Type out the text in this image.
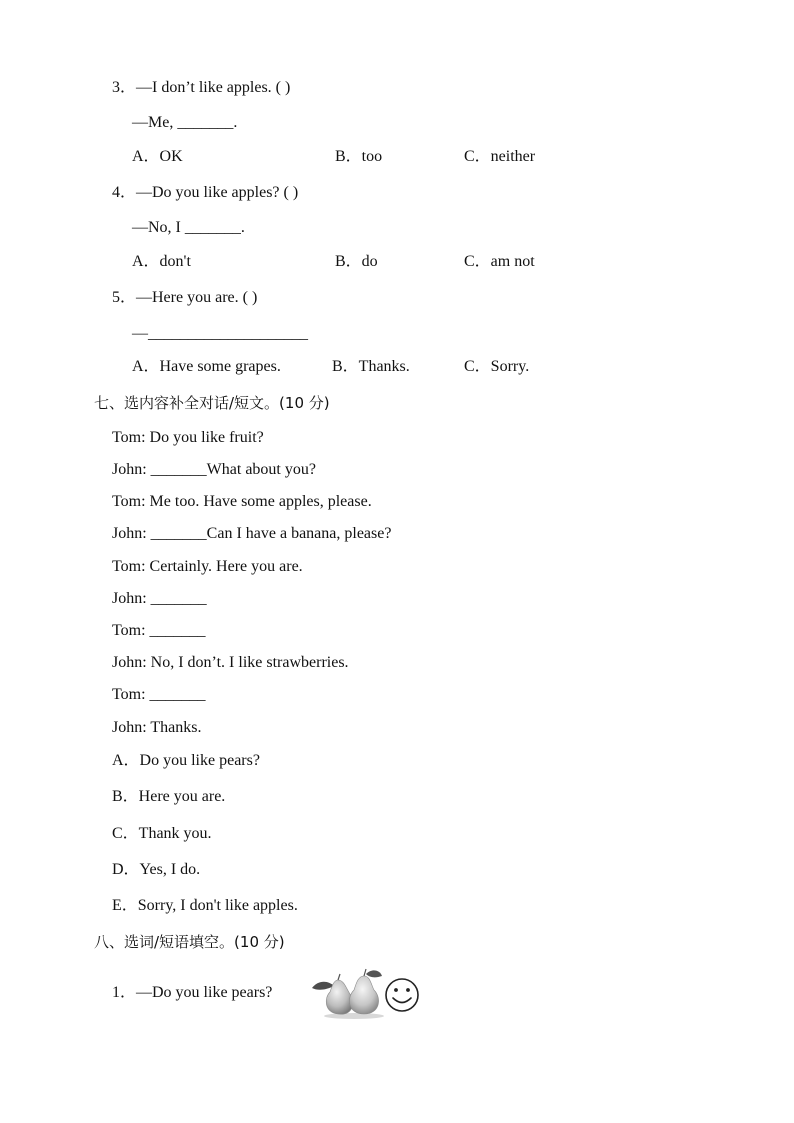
3．—I don’t like apples. ( )
—Me, _______.
A．OK	B．too	C．neither
4．—Do you like apples? ( )
—No, I _______.
A．don't	B．do	C．am not
5．—Here you are. ( )
—____________________
A．Have some grapes.	B．Thanks.	C．Sorry.
七、选内容补全对话/短文。(10 分)
Tom: Do you like fruit?
John: _______What about you?
Tom: Me too. Have some apples, please.
John: _______Can I have a banana, please?
Tom: Certainly. Here you are.
John: _______
Tom: _______
John: No, I don’t. I like strawberries.
Tom: _______
John: Thanks.
A．Do you like pears?
B．Here you are.
C．Thank you.
D．Yes, I do.
E．Sorry, I don't like apples.
八、选词/短语填空。(10 分)
1．—Do you like pears?
